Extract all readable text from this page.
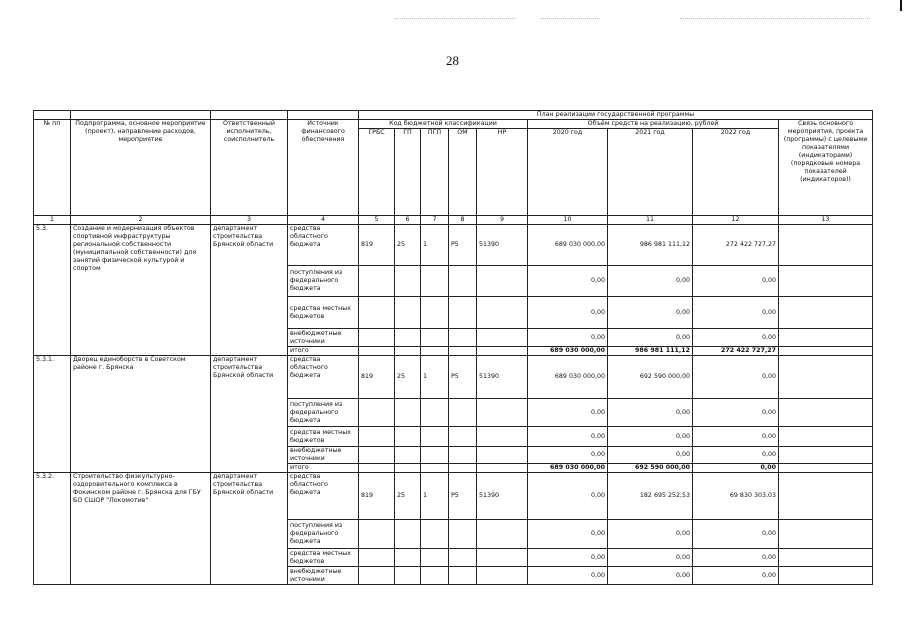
28
				План реализации государственной программы								
№ пп	Подпрограмма, основное мероприятие (проект), направление расходов, мероприятие	Ответственный исполнитель, соисполнитель	Источник финансового обеспечения	Код бюджетной классификации					Объём средств на реализацию, рублей			Связь основного мероприятия, проекта (программы) с целевыми показателями (индикаторами) (порядковые номера показателей (индикаторов))
				ГРБС	ГП	ПГП	ОМ	НР	2020 год	2021 год	2022 год	
1	2	3	4	5	6	7	8	9	10	11	12	13
5.3.	Создание и модернизация объектов спортивной инфраструктуры региональной собственности (муниципальной собственности) для занятий физической культурой и спортом	департамент строительства Брянской области	средства областного бюджета	819	25	1	Р5	51390	689 030 000,00	986 981 111,12	272 422 727,27	
			поступления из федерального бюджета						0,00	0,00	0,00	
			средства местных бюджетов						0,00	0,00	0,00	
			внебюджетные источники						0,00	0,00	0,00	
			итого						689 030 000,00	986 981 111,12	272 422 727,27	
5.3.1.	Дворец единоборств в Советском районе г. Брянска	департамент строительства Брянской области	средства областного бюджета	819	25	1	Р5	51390	689 030 000,00	692 590 000,00	0,00	
			поступления из федерального бюджета						0,00	0,00	0,00	
			средства местных бюджетов						0,00	0,00	0,00	
			внебюджетные источники						0,00	0,00	0,00	
			итого						689 030 000,00	692 590 000,00	0,00	
5.3.2.	Строительство физкультурно-оздоровительного комплекса в Фокинском районе г. Брянска для ГБУ БО СШОР "Локомотив"	департамент строительства Брянской области	средства областного бюджета	819	25	1	Р5	51390	0,00	182 695 252,53	69 830 303,03	
			поступления из федерального бюджета						0,00	0,00	0,00	
			средства местных бюджетов						0,00	0,00	0,00	
			внебюджетные источники						0,00	0,00	0,00	
